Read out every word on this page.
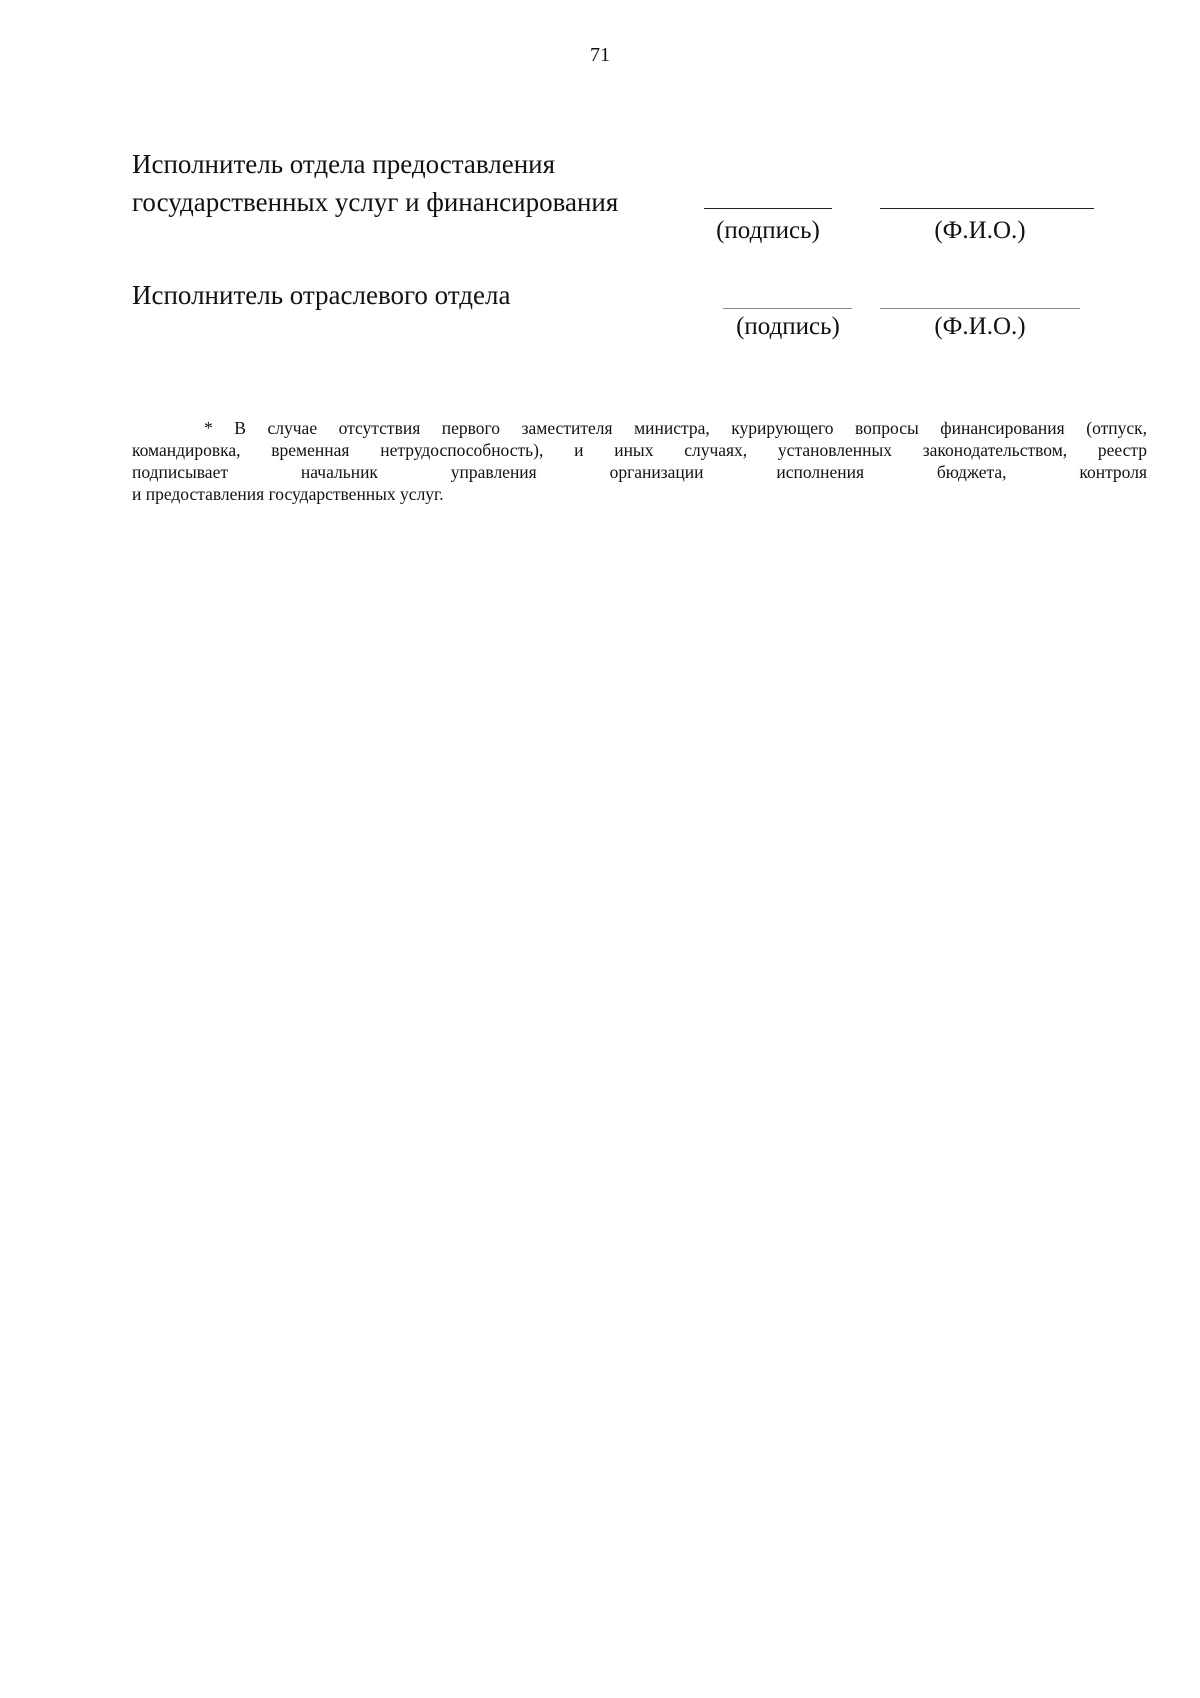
71
Исполнитель отдела предоставления
государственных услуг и финансирования
(подпись)	(Ф.И.О.)
Исполнитель отраслевого отдела
(подпись)	(Ф.И.О.)
* В случае отсутствия первого заместителя министра, курирующего вопросы финансирования (отпуск,
командировка, временная нетрудоспособность), и иных случаях, установленных законодательством, реестр
подписывает начальник управления организации исполнения бюджета, контроля
и предоставления государственных услуг.
